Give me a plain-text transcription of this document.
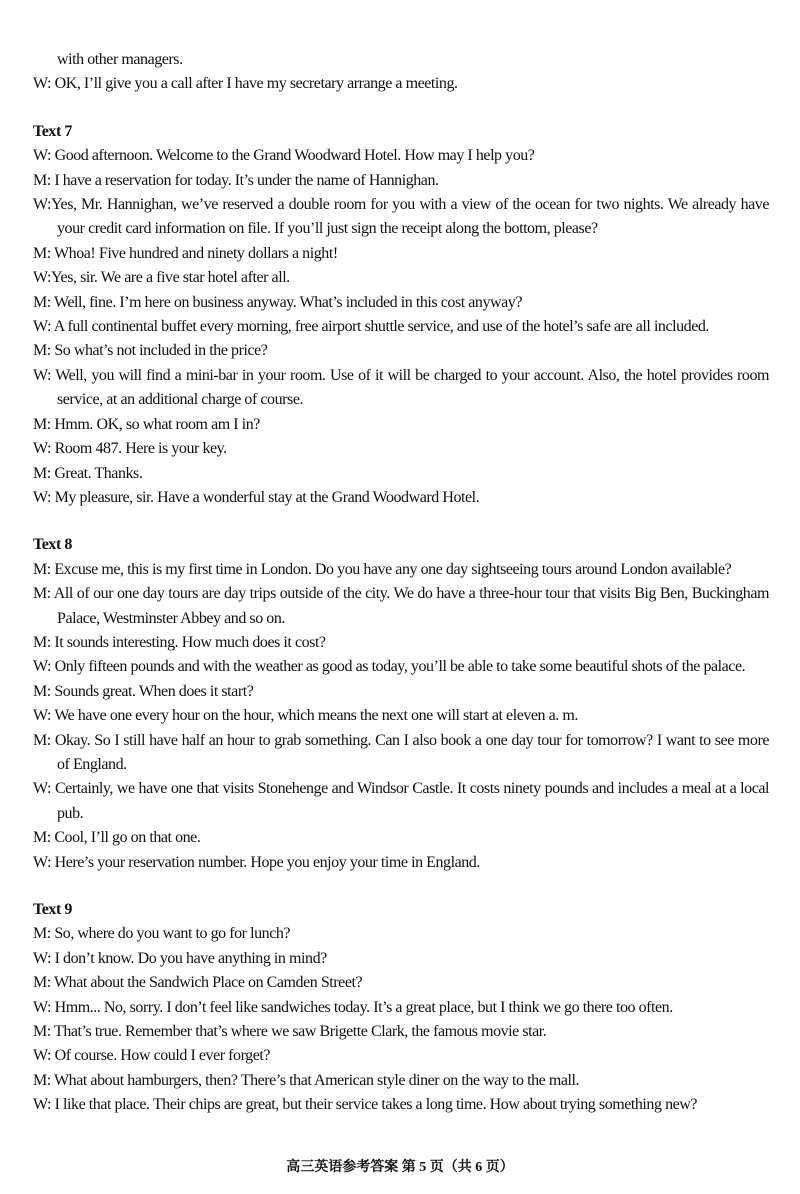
with other managers.
W: OK, I’ll give you a call after I have my secretary arrange a meeting.
Text 7
W: Good afternoon. Welcome to the Grand Woodward Hotel. How may I help you?
M: I have a reservation for today. It’s under the name of Hannighan.
W:Yes, Mr. Hannighan, we’ve reserved a double room for you with a view of the ocean for two nights. We already have your credit card information on file. If you’ll just sign the receipt along the bottom, please?
M: Whoa! Five hundred and ninety dollars a night!
W:Yes, sir. We are a five star hotel after all.
M: Well, fine. I’m here on business anyway. What’s included in this cost anyway?
W: A full continental buffet every morning, free airport shuttle service, and use of the hotel’s safe are all included.
M: So what’s not included in the price?
W: Well, you will find a mini-bar in your room. Use of it will be charged to your account. Also, the hotel provides room service, at an additional charge of course.
M: Hmm. OK, so what room am I in?
W: Room 487. Here is your key.
M: Great. Thanks.
W: My pleasure, sir. Have a wonderful stay at the Grand Woodward Hotel.
Text 8
M: Excuse me, this is my first time in London. Do you have any one day sightseeing tours around London available?
M: All of our one day tours are day trips outside of the city. We do have a three-hour tour that visits Big Ben, Buckingham Palace, Westminster Abbey and so on.
M: It sounds interesting. How much does it cost?
W: Only fifteen pounds and with the weather as good as today, you’ll be able to take some beautiful shots of the palace.
M: Sounds great. When does it start?
W: We have one every hour on the hour, which means the next one will start at eleven a. m.
M: Okay. So I still have half an hour to grab something. Can I also book a one day tour for tomorrow? I want to see more of England.
W: Certainly, we have one that visits Stonehenge and Windsor Castle. It costs ninety pounds and includes a meal at a local pub.
M: Cool, I’ll go on that one.
W: Here’s your reservation number. Hope you enjoy your time in England.
Text 9
M: So, where do you want to go for lunch?
W: I don’t know. Do you have anything in mind?
M: What about the Sandwich Place on Camden Street?
W: Hmm... No, sorry. I don’t feel like sandwiches today. It’s a great place, but I think we go there too often.
M: That’s true. Remember that’s where we saw Brigette Clark, the famous movie star.
W: Of course. How could I ever forget?
M: What about hamburgers, then? There’s that American style diner on the way to the mall.
W: I like that place. Their chips are great, but their service takes a long time. How about trying something new?
高三英语参考答案 第 5 页（共 6 页）
